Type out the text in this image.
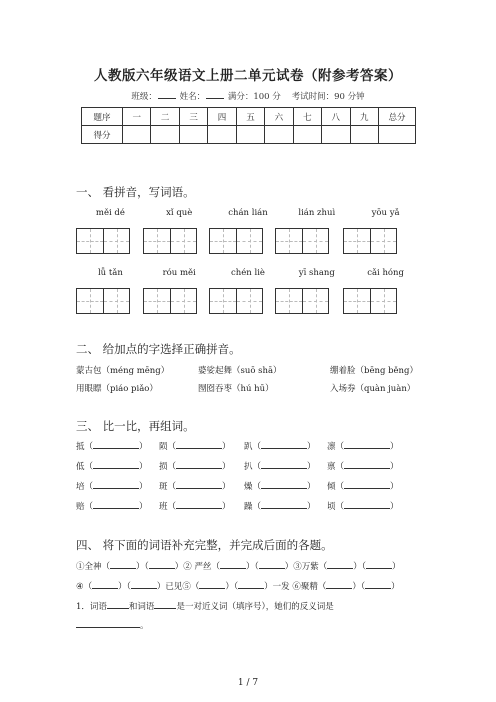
人教版六年级语文上册二单元试卷（附参考答案）
班级：	姓名：	满分：100 分 考试时间：90 分钟
题序	一	二	三	四	五	六	七	八	九	总分
得分										
一、 看拼音，写词语。
měi dé	xǐ què	chán lián	lián zhuì	yōu yǎ
lǚ tǎn	róu měi	chén liè	yī shang	cǎi hóng
二、 给加点的字选择正确拼音。
蒙古包（méng mēng）	婆娑起舞（suō shā）	绷着脸（bēng běng）
用眼瞟（piáo piǎo）	囫囵吞枣（hú hū）	入场券（quàn juàn）
三、 比一比，再组词。
抵（	） 陨（	） 趴（	） 凛（	）
低（	） 损（	） 扒（	） 禀（	）
培（	） 斑（	） 燥（	） 倾（	）
赔（	） 班（	） 躁（	） 顷（	）
四、 将下面的词语补充完整，并完成后面的各题。
①全神（	）（	）② 严丝（	）（	）③万紫（	）（	）
④（	）（	）已见⑤（	）（	）一发 ⑥聚精（	）（	）
1．词语	和词语	是一对近义词（填序号），她们的反义词是
。
1 / 7
